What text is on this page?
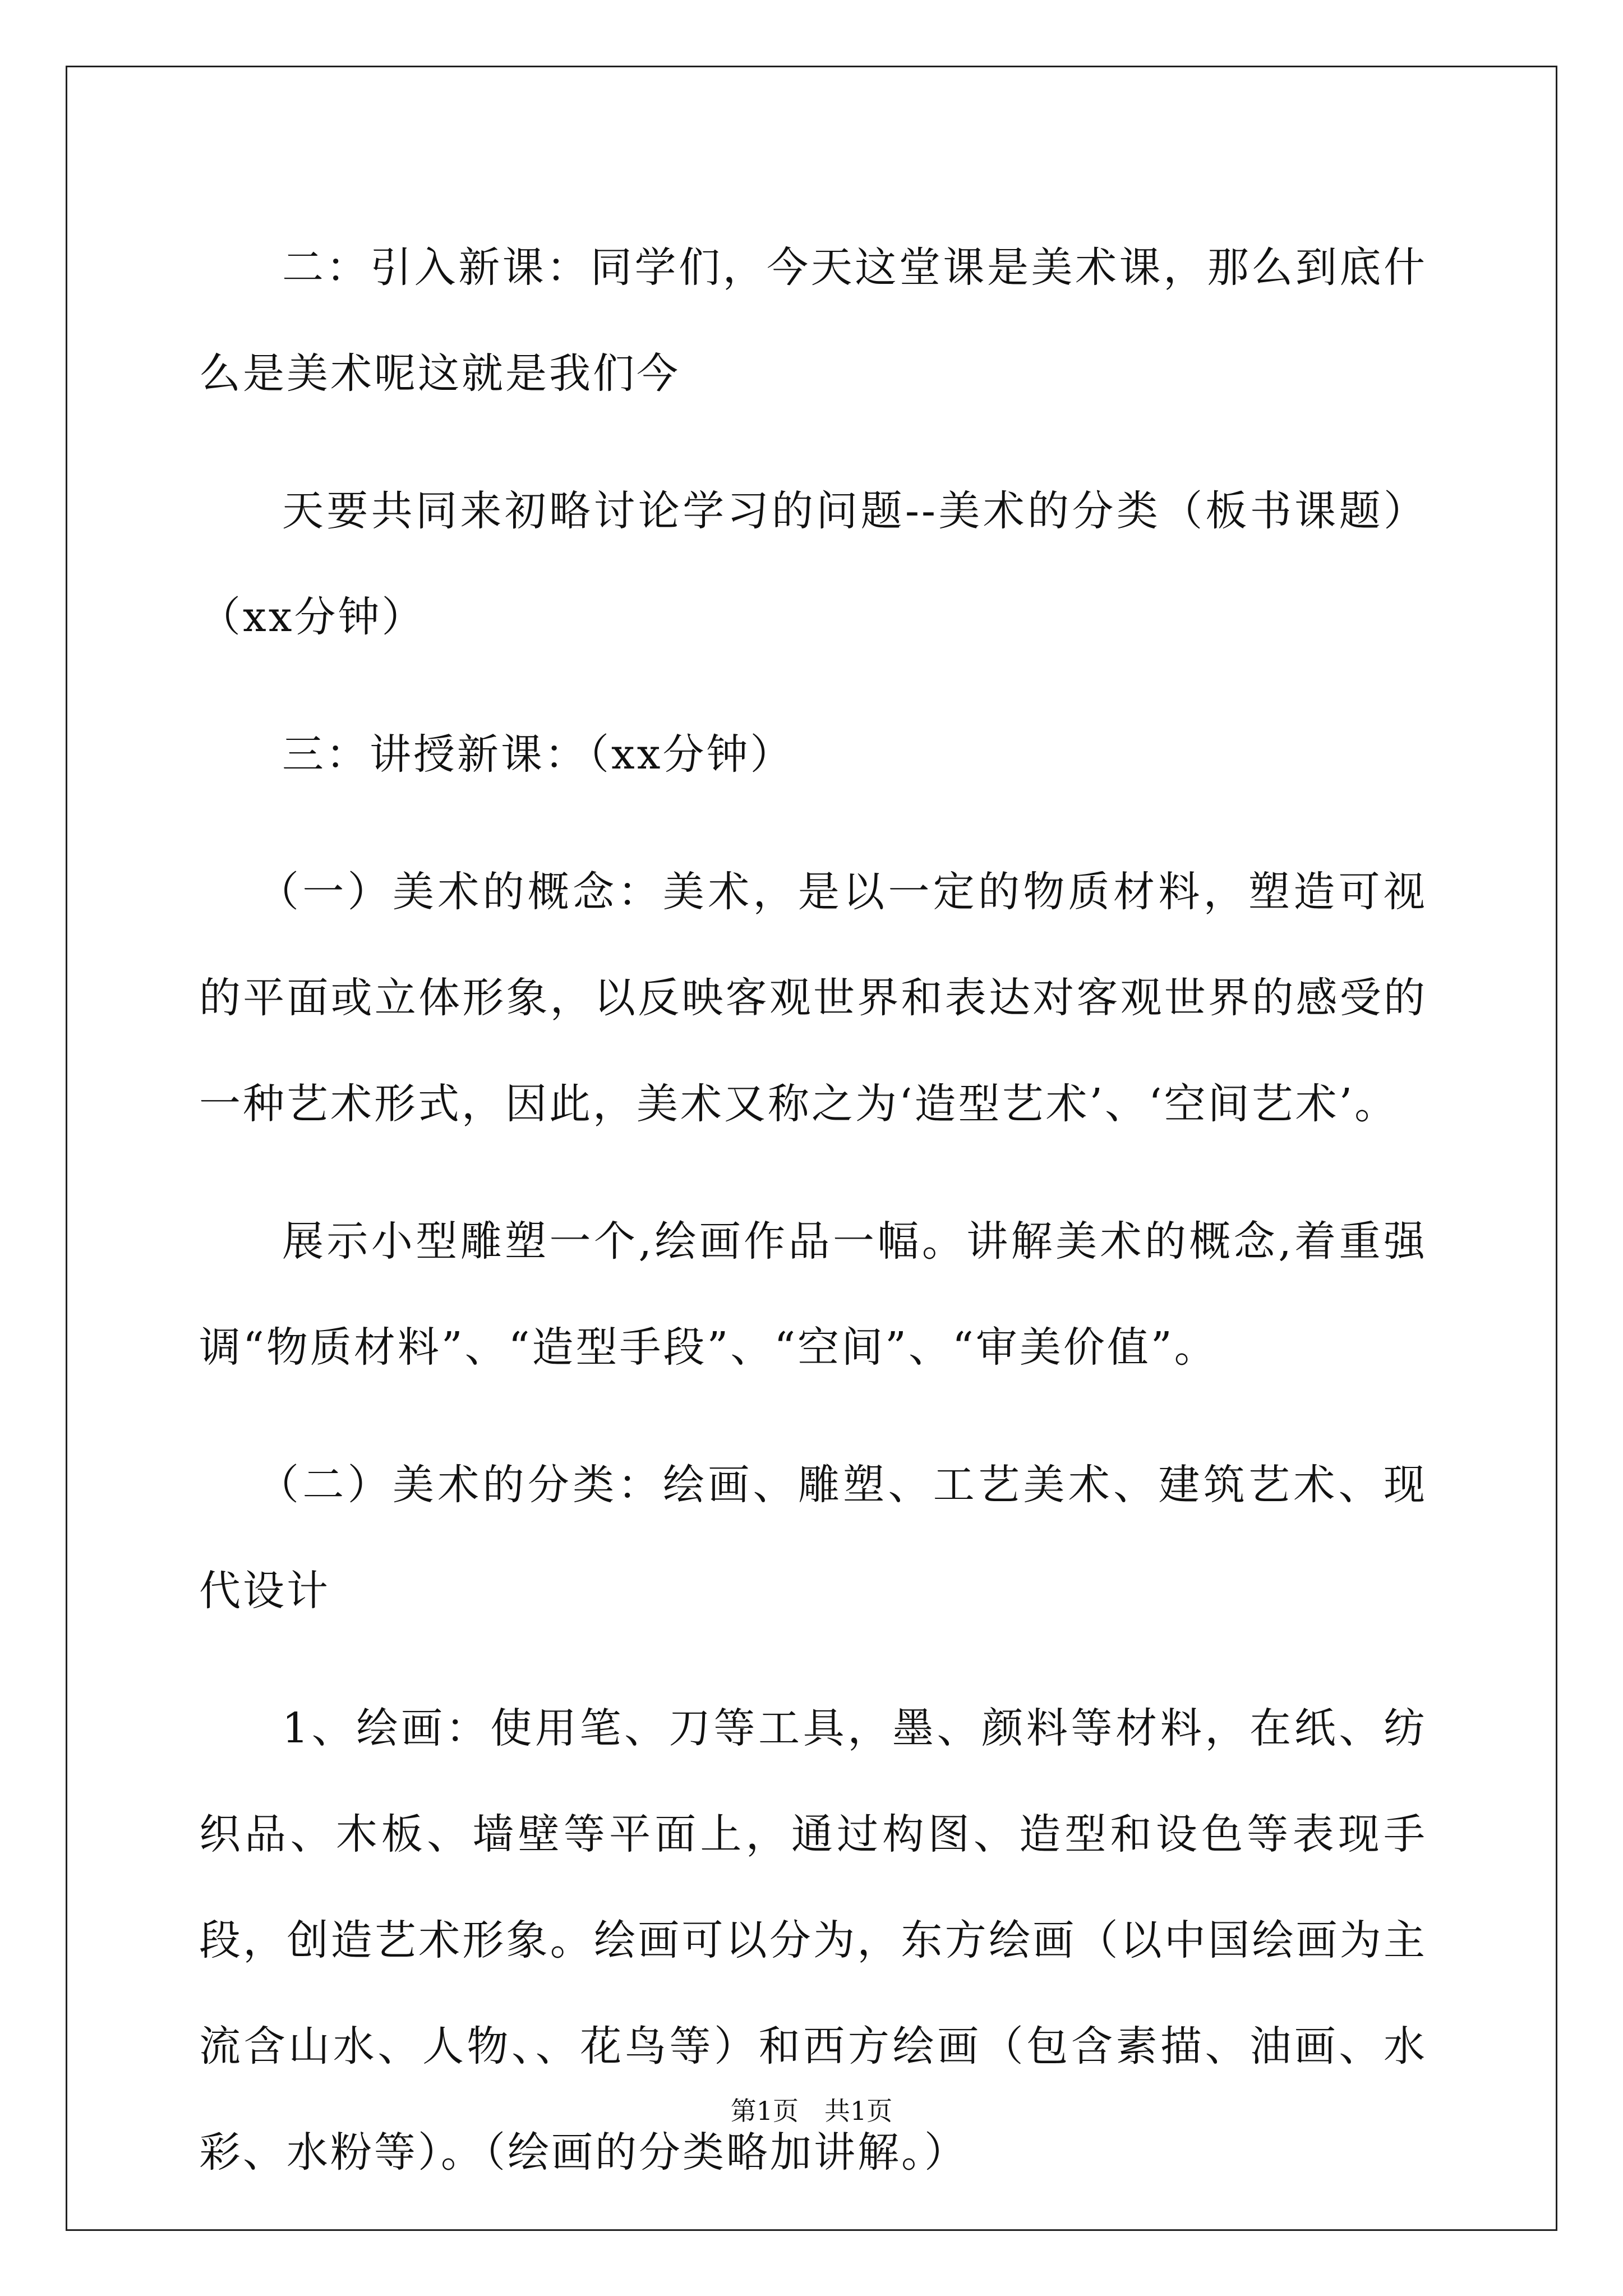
二：引入新课：同学们，今天这堂课是美术课，那么到底什么是美术呢这就是我们今

天要共同来初略讨论学习的问题--美术的分类（板书课题）（xx分钟）

三：讲授新课：（xx分钟）

（一）美术的概念：美术，是以一定的物质材料，塑造可视的平面或立体形象，以反映客观世界和表达对客观世界的感受的一种艺术形式，因此，美术又称之为‘造型艺术’、‘空间艺术’。

展示小型雕塑一个,绘画作品一幅。讲解美术的概念,着重强调“物质材料”、“造型手段”、“空间”、“审美价值”。

（二）美术的分类：绘画、雕塑、工艺美术、建筑艺术、现代设计

1、绘画：使用笔、刀等工具，墨、颜料等材料，在纸、纺织品、木板、墙壁等平面上，通过构图、造型和设色等表现手段，创造艺术形象。绘画可以分为，东方绘画（以中国绘画为主流含山水、人物、、花鸟等）和西方绘画（包含素描、油画、水彩、水粉等）。（绘画的分类略加讲解。）

第1页　共1页
